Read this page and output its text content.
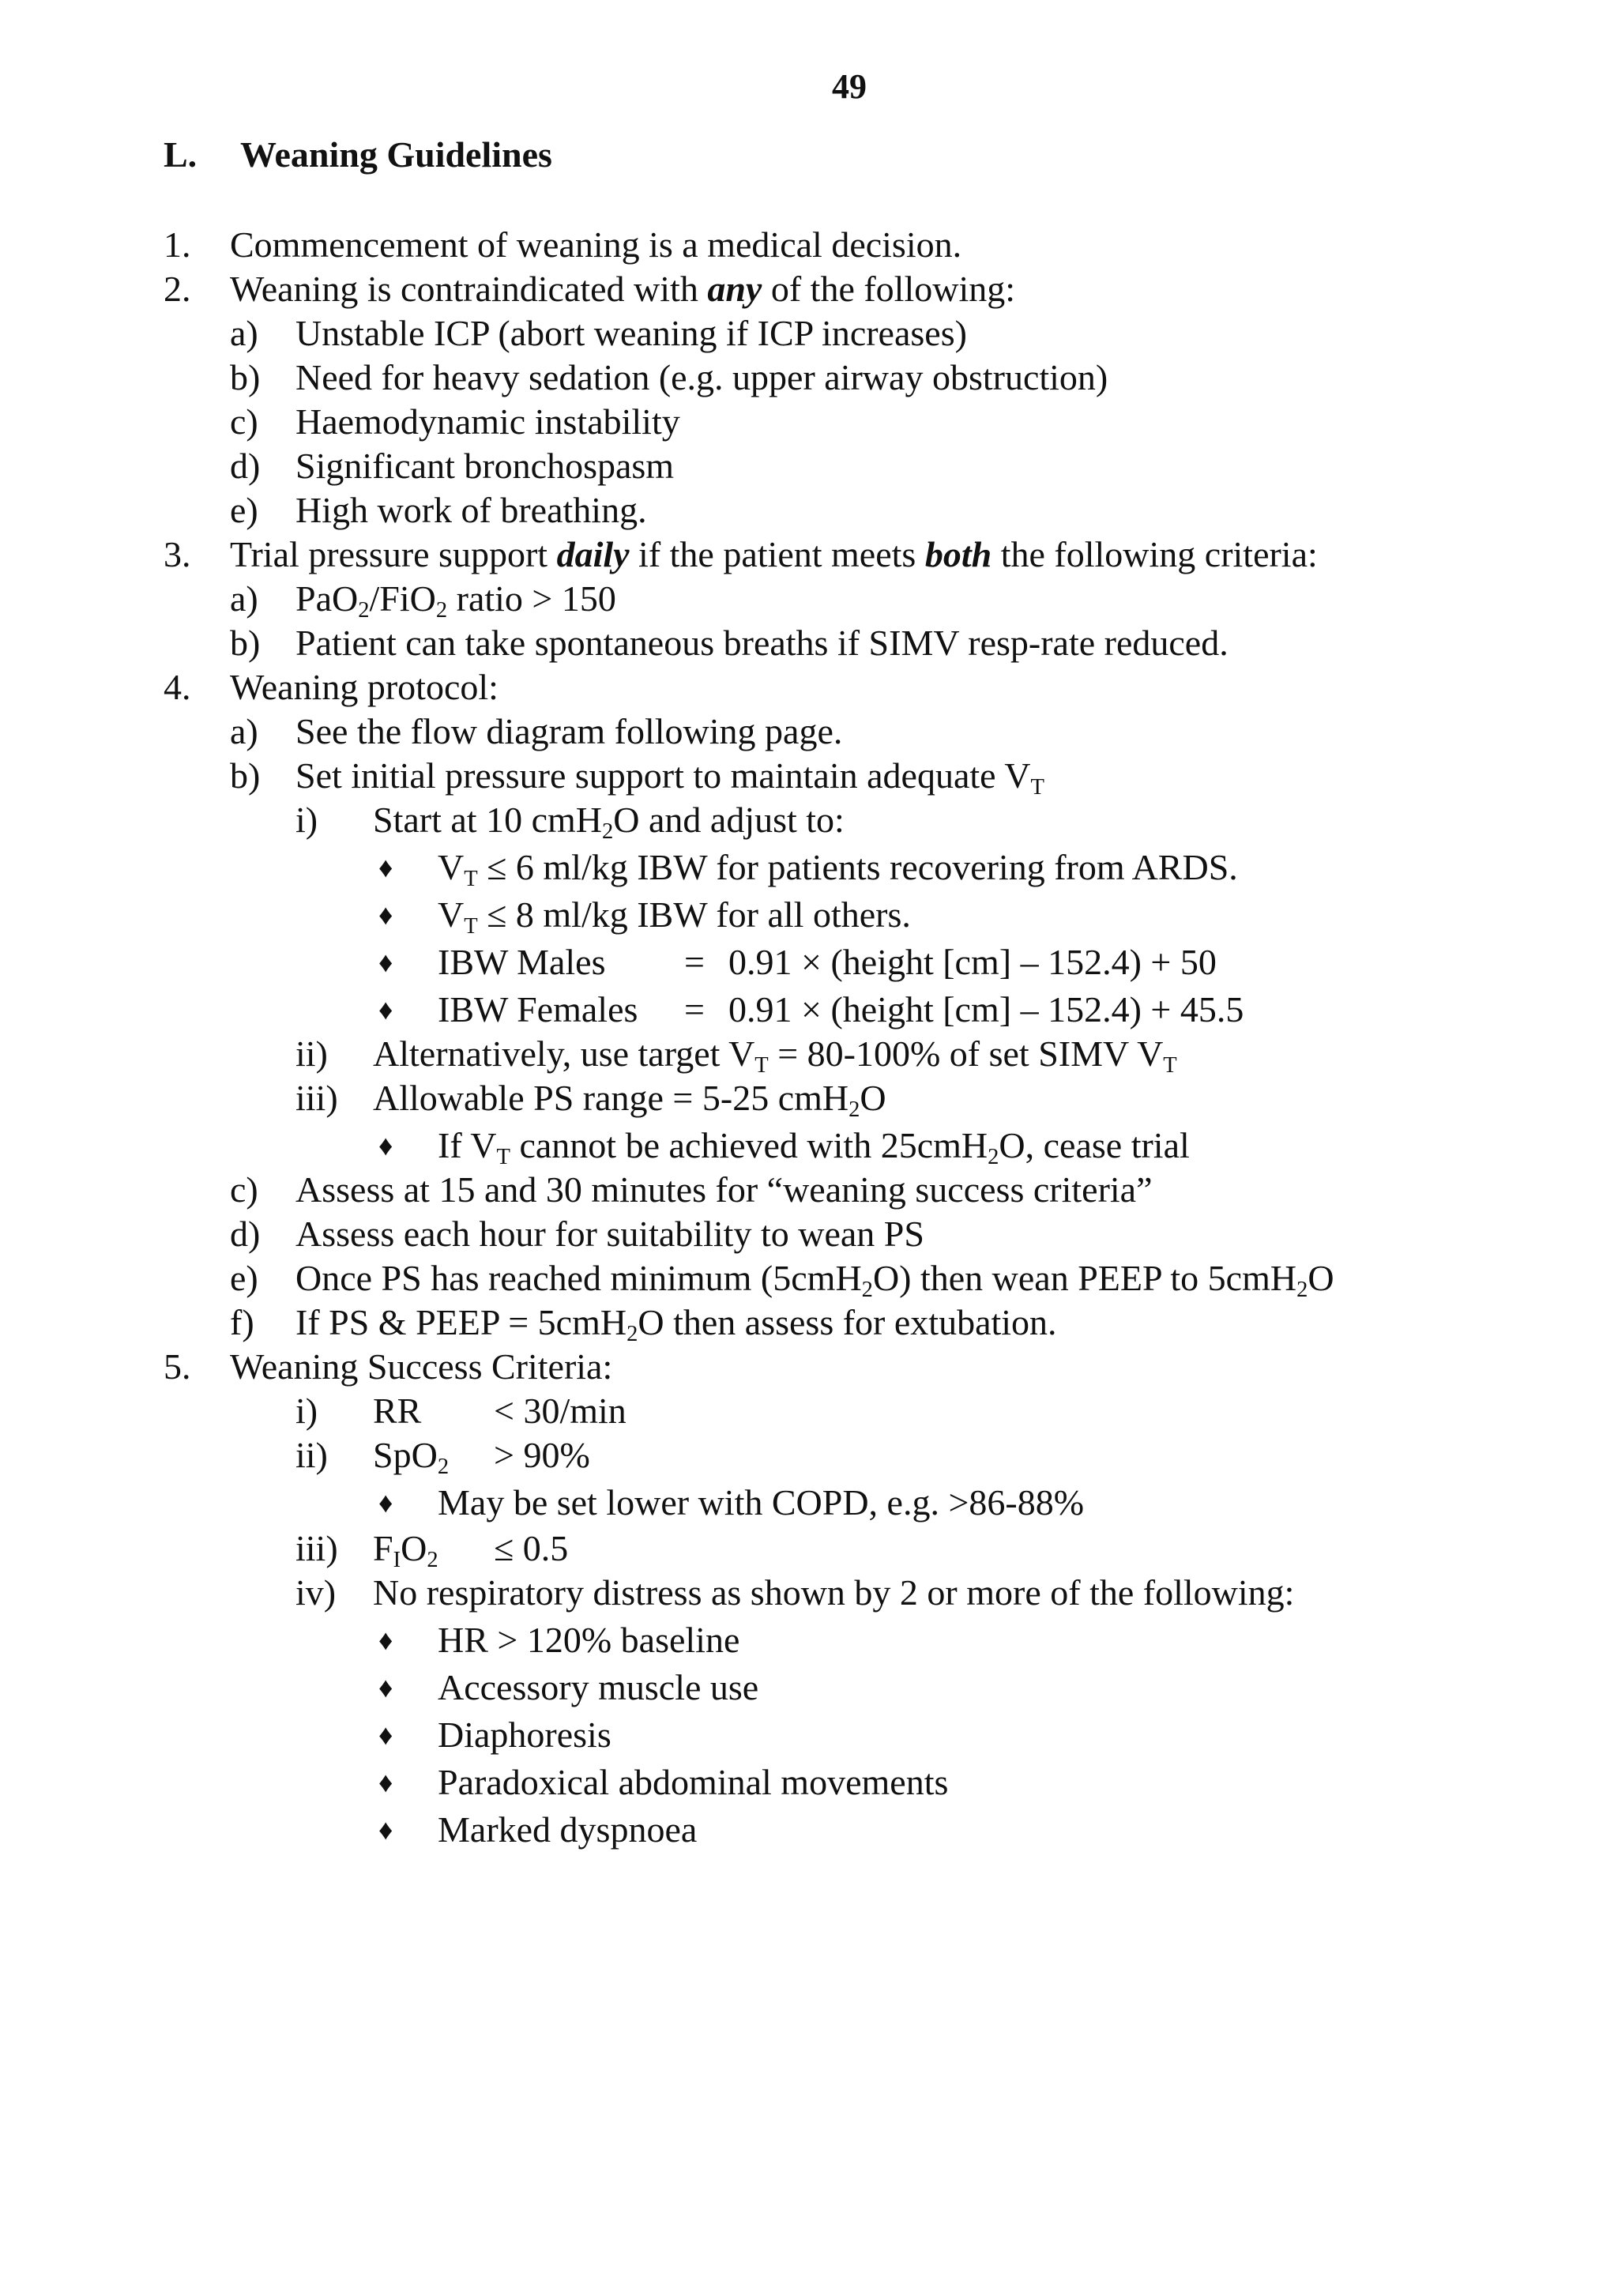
49
L. Weaning Guidelines
1. Commencement of weaning is a medical decision.
2. Weaning is contraindicated with any of the following:
a) Unstable ICP (abort weaning if ICP increases)
b) Need for heavy sedation (e.g. upper airway obstruction)
c) Haemodynamic instability
d) Significant bronchospasm
e) High work of breathing.
3. Trial pressure support daily if the patient meets both the following criteria:
a) PaO$_2$/FiO$_2$ ratio > 150
b) Patient can take spontaneous breaths if SIMV resp-rate reduced.
4. Weaning protocol:
a) See the flow diagram following page.
b) Set initial pressure support to maintain adequate $V_T$
i) Start at 10 cmH$_2$O and adjust to:
♦ $V_T \le 6$ ml/kg IBW for patients recovering from ARDS.
♦ $V_T \le 8$ ml/kg IBW for all others.
♦ IBW Males = 0.91 × (height [cm] – 152.4) + 50
♦ IBW Females = 0.91 × (height [cm] – 152.4) + 45.5
ii) Alternatively, use target $V_T = 80-100\%$ of set SIMV $V_T$
iii) Allowable PS range = 5-25 cmH$_2$O
♦ If $V_T$ cannot be achieved with 25cmH$_2$O, cease trial
c) Assess at 15 and 30 minutes for “weaning success criteria”
d) Assess each hour for suitability to wean PS
e) Once PS has reached minimum (5cmH$_2$O) then wean PEEP to 5cmH$_2$O
f) If PS & PEEP = 5cmH$_2$O then assess for extubation.
5. Weaning Success Criteria:
i) RR < 30/min
ii) SpO$_2$ > 90%
♦ May be set lower with COPD, e.g. >86-88%
iii) $F_IO_2 \le 0.5$
iv) No respiratory distress as shown by 2 or more of the following:
♦ HR > 120% baseline
♦ Accessory muscle use
♦ Diaphoresis
♦ Paradoxical abdominal movements
♦ Marked dyspnoea
